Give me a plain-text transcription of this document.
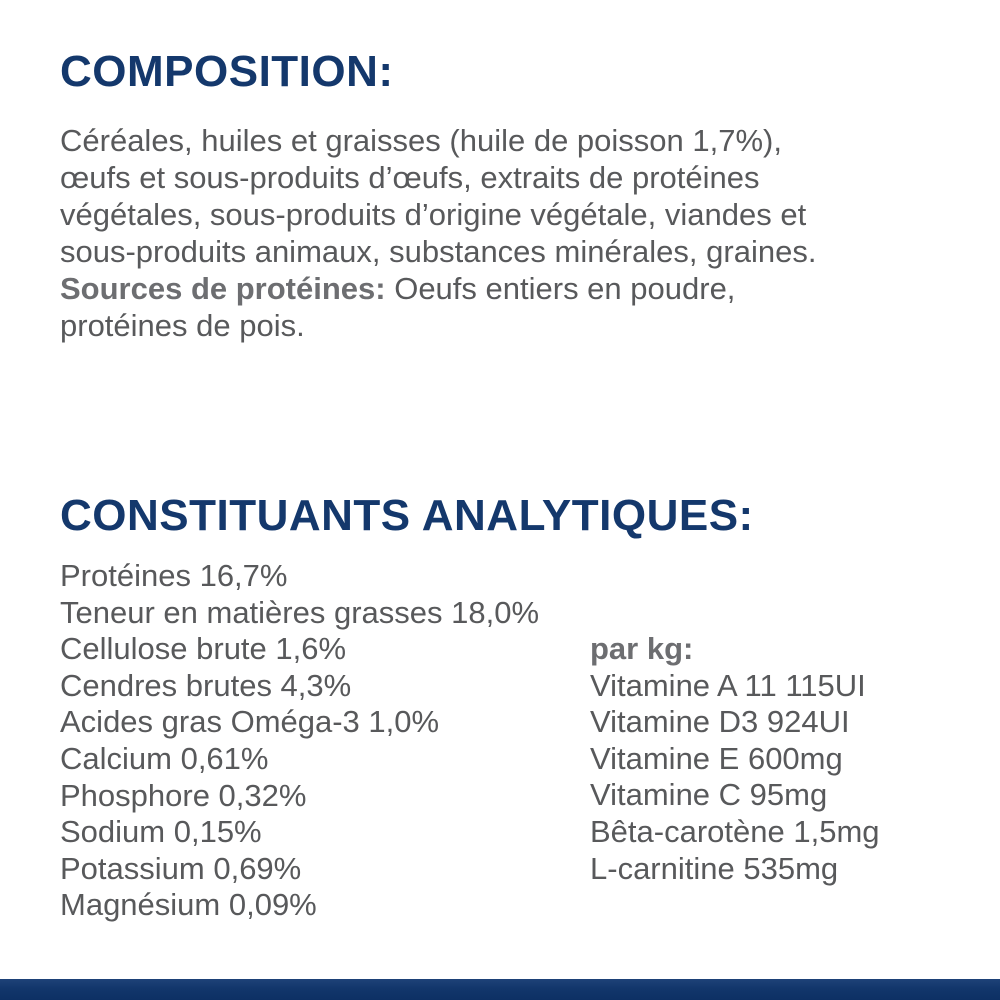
COMPOSITION:
Céréales, huiles et graisses (huile de poisson 1,7%),
œufs et sous-produits d’œufs, extraits de protéines
végétales, sous-produits d’origine végétale, viandes et
sous-produits animaux, substances minérales, graines.
Sources de protéines: Oeufs entiers en poudre,
protéines de pois.
CONSTITUANTS ANALYTIQUES:
Protéines 16,7%
Teneur en matières grasses 18,0%
Cellulose brute 1,6%
Cendres brutes 4,3%
Acides gras Oméga-3 1,0%
Calcium 0,61%
Phosphore 0,32%
Sodium 0,15%
Potassium 0,69%
Magnésium 0,09%
par kg:
Vitamine A 11 115UI
Vitamine D3 924UI
Vitamine E 600mg
Vitamine C 95mg
Bêta-carotène 1,5mg
L-carnitine 535mg
